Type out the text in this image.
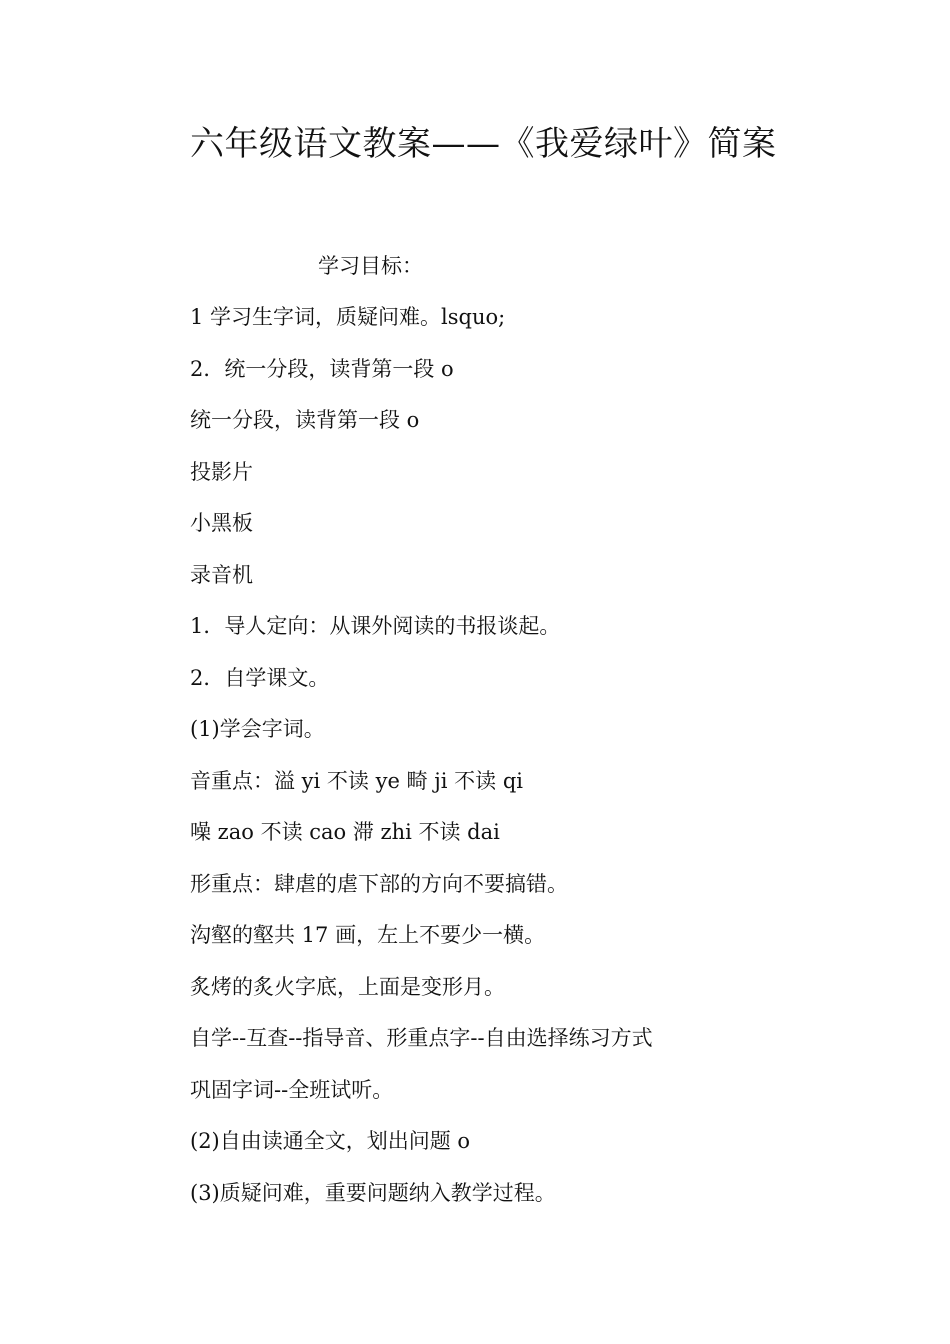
六年级语文教案——《我爱绿叶》简案
学习目标：
1 学习生字词，质疑问难。lsquo;
2．统一分段，读背第一段 o
统一分段，读背第一段 o
投影片
小黑板
录音机
1．导人定向：从课外阅读的书报谈起。
2．自学课文。
(1)学会字词。
音重点：溢 yi 不读 ye 畸 ji 不读 qi
噪 zao 不读 cao 滞 zhi 不读 dai
形重点：肆虐的虐下部的方向不要搞错。
沟壑的壑共 17 画，左上不要少一横。
炙烤的炙火字底，上面是变形月。
自学--互查--指导音、形重点字--自由选择练习方式
巩固字词--全班试听。
(2)自由读通全文，划出问题 o
(3)质疑问难，重要问题纳入教学过程。
